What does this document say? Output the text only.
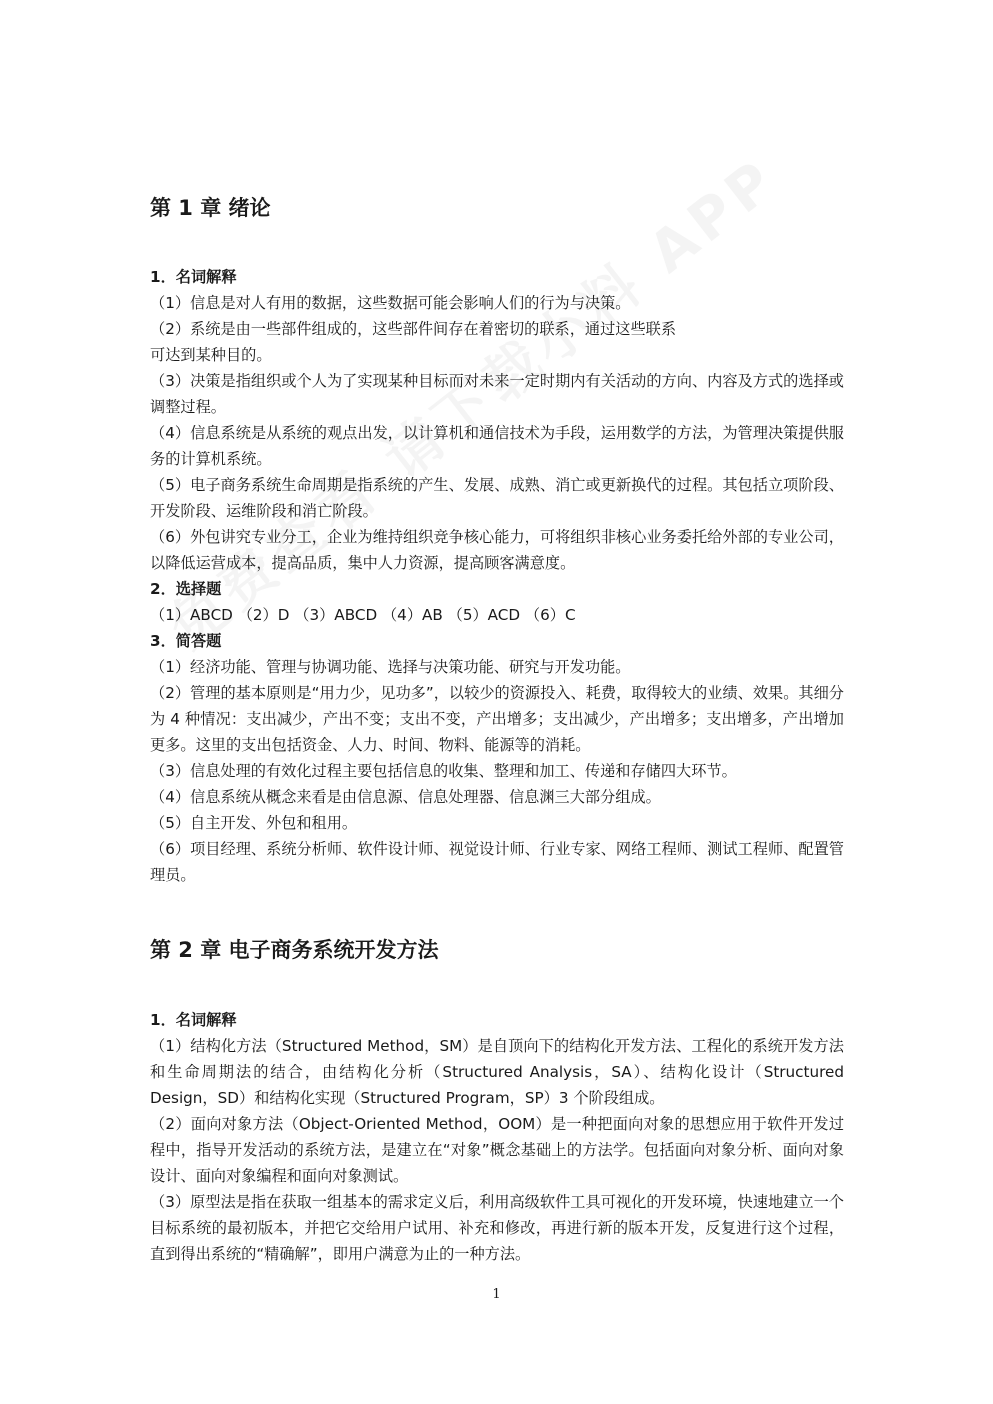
第 1 章 绪论
1．名词解释
（1）信息是对人有用的数据，这些数据可能会影响人们的行为与决策。
（2）系统是由一些部件组成的，这些部件间存在着密切的联系，通过这些联系
可达到某种目的。
（3）决策是指组织或个人为了实现某种目标而对未来一定时期内有关活动的方向、内容及方式的选择或调整过程。
（4）信息系统是从系统的观点出发，以计算机和通信技术为手段，运用数学的方法，为管理决策提供服务的计算机系统。
（5）电子商务系统生命周期是指系统的产生、发展、成熟、消亡或更新换代的过程。其包括立项阶段、开发阶段、运维阶段和消亡阶段。
（6）外包讲究专业分工，企业为维持组织竞争核心能力，可将组织非核心业务委托给外部的专业公司，以降低运营成本，提高品质，集中人力资源，提高顾客满意度。
2．选择题
（1）ABCD （2）D （3）ABCD （4）AB （5）ACD （6）C
3．简答题
（1）经济功能、管理与协调功能、选择与决策功能、研究与开发功能。
（2）管理的基本原则是“用力少，见功多”，以较少的资源投入、耗费，取得较大的业绩、效果。其细分为 4 种情况：支出减少，产出不变；支出不变，产出增多；支出减少，产出增多；支出增多，产出增加更多。这里的支出包括资金、人力、时间、物料、能源等的消耗。
（3）信息处理的有效化过程主要包括信息的收集、整理和加工、传递和存储四大环节。
（4）信息系统从概念来看是由信息源、信息处理器、信息渊三大部分组成。
（5）自主开发、外包和租用。
（6）项目经理、系统分析师、软件设计师、视觉设计师、行业专家、网络工程师、测试工程师、配置管理员。
第 2 章 电子商务系统开发方法
1．名词解释
（1）结构化方法（Structured Method，SM）是自顶向下的结构化开发方法、工程化的系统开发方法和生命周期法的结合，由结构化分析（Structured Analysis，SA）、结构化设计（Structured Design，SD）和结构化实现（Structured Program，SP）3 个阶段组成。
（2）面向对象方法（Object-Oriented Method，OOM）是一种把面向对象的思想应用于软件开发过程中，指导开发活动的系统方法，是建立在“对象”概念基础上的方法学。包括面向对象分析、面向对象设计、面向对象编程和面向对象测试。
（3）原型法是指在获取一组基本的需求定义后，利用高级软件工具可视化的开发环境，快速地建立一个目标系统的最初版本，并把它交给用户试用、补充和修改，再进行新的版本开发，反复进行这个过程，直到得出系统的“精确解”，即用户满意为止的一种方法。
1
